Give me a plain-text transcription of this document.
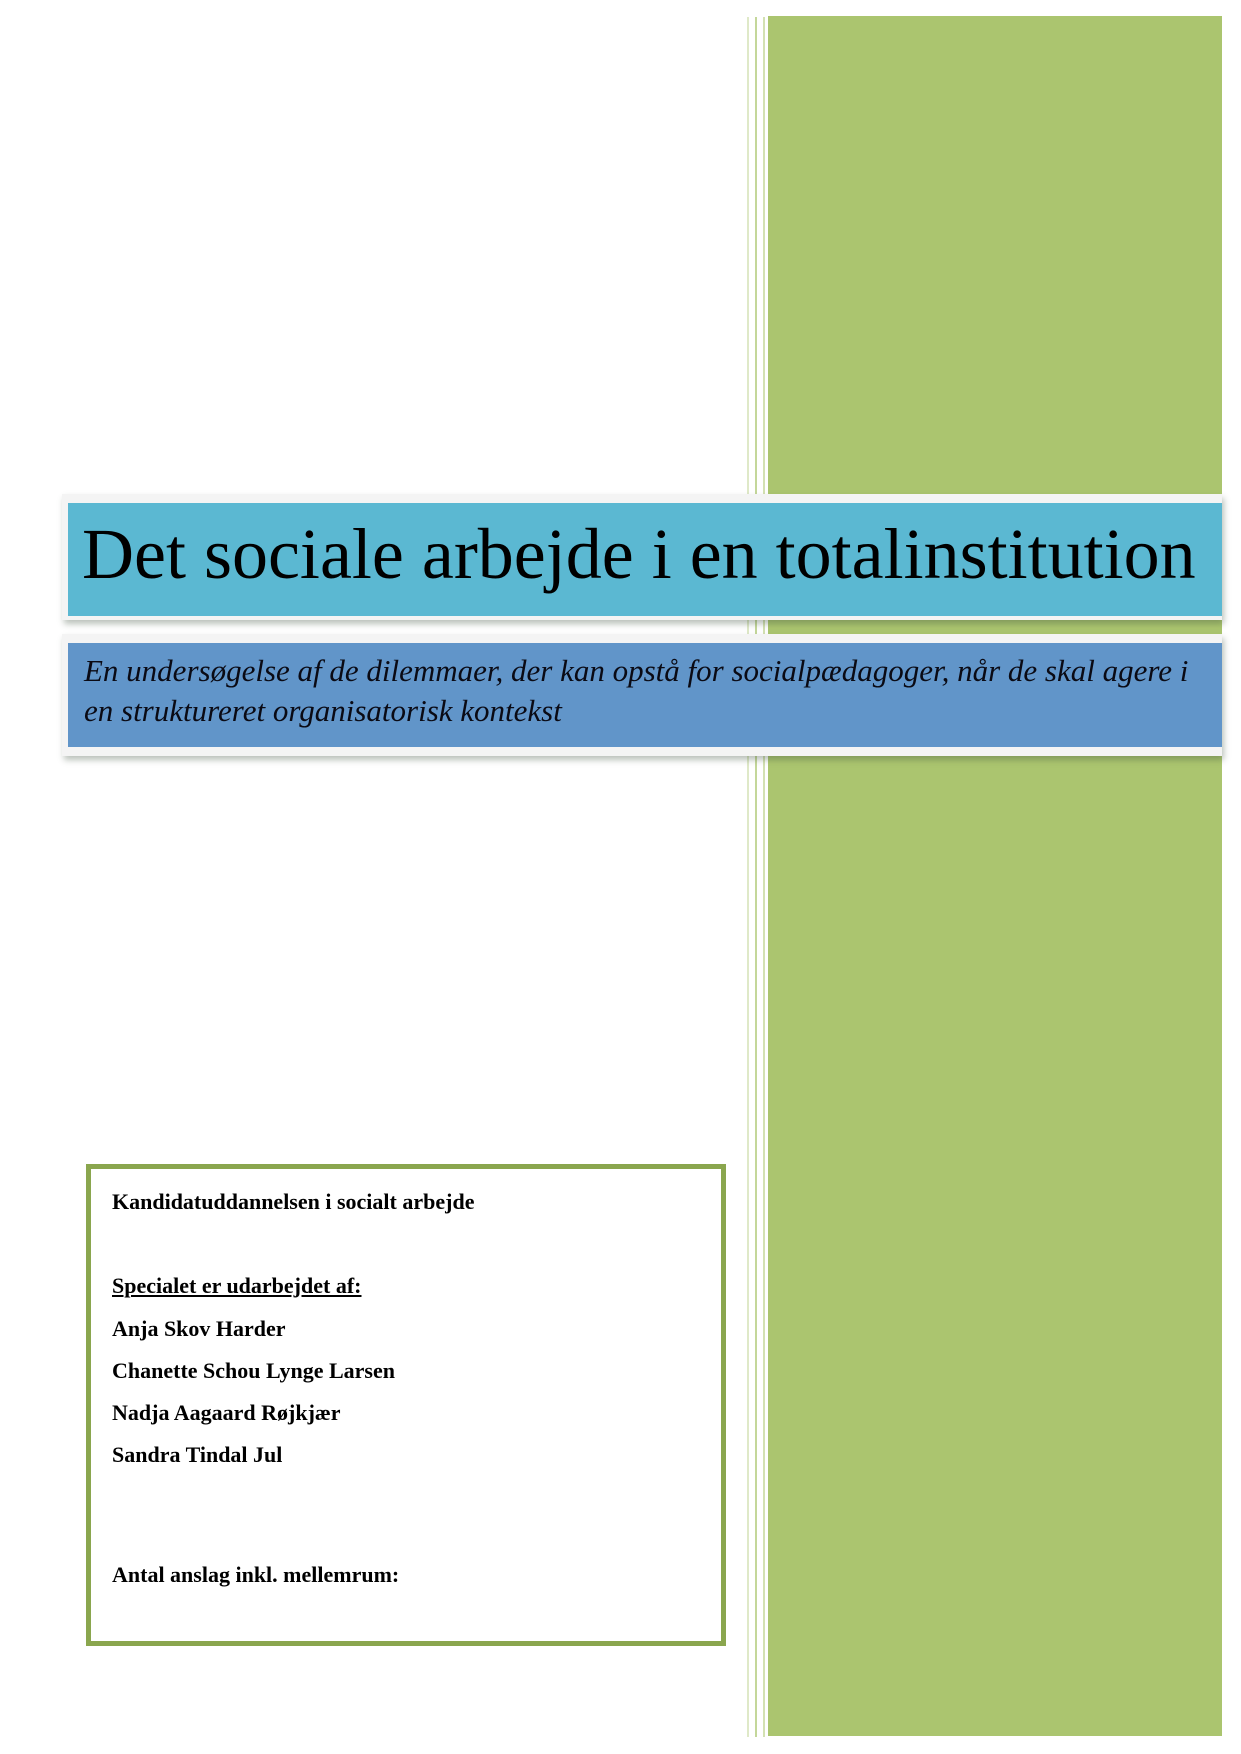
Det sociale arbejde i en totalinstitution
En undersøgelse af de dilemmaer, der kan opstå for socialpædagoger, når de skal agere i en struktureret organisatorisk kontekst
Kandidatuddannelsen i socialt arbejde
Specialet er udarbejdet af:
Anja Skov Harder
Chanette Schou Lynge Larsen
Nadja Aagaard Røjkjær
Sandra Tindal Jul
Antal anslag inkl. mellemrum:
